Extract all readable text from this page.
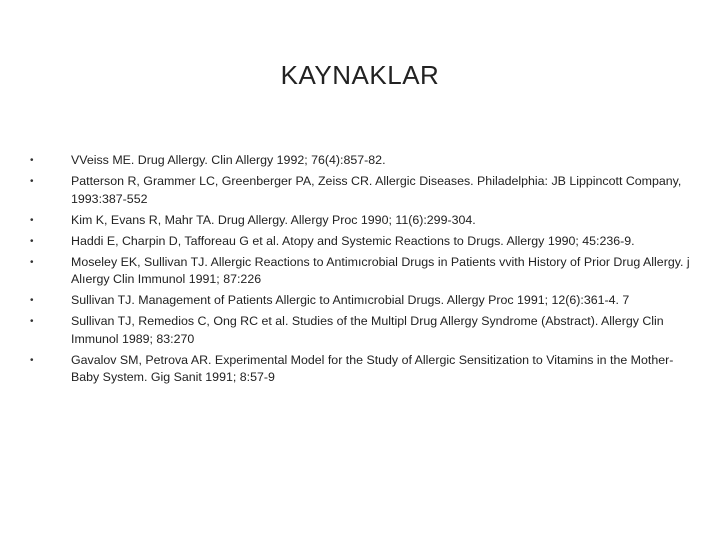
KAYNAKLAR
•	VVeiss ME. Drug Allergy. Clin Allergy 1992; 76(4):857-82.
•	Patterson R, Grammer LC, Greenberger PA, Zeiss CR. Allergic Diseases. Philadelphia: JB Lippincott Company, 1993:387-552
•	Kim K, Evans R, Mahr TA. Drug Allergy. Allergy Proc 1990; 11(6):299-304.
•	Haddi E, Charpin D, Tafforeau G et al. Atopy and Systemic Reactions to Drugs. Allergy 1990; 45:236-9.
•	Moseley EK, Sullivan TJ. Allergic Reactions to Antimıcrobial Drugs in Patients vvith History of Prior Drug Allergy. j Alıergy Clin Immunol 1991; 87:226
•	Sullivan TJ. Management of Patients Allergic to Antimıcrobial Drugs. Allergy Proc 1991; 12(6):361-4. 7
•	Sullivan TJ, Remedios C, Ong RC et al. Studies of the Multipl Drug Allergy Syndrome (Abstract). Allergy Clin Immunol 1989; 83:270
•	Gavalov SM, Petrova AR. Experimental Model for the Study of Allergic Sensitization to Vitamins in the Mother-Baby System. Gig Sanit 1991; 8:57-9
